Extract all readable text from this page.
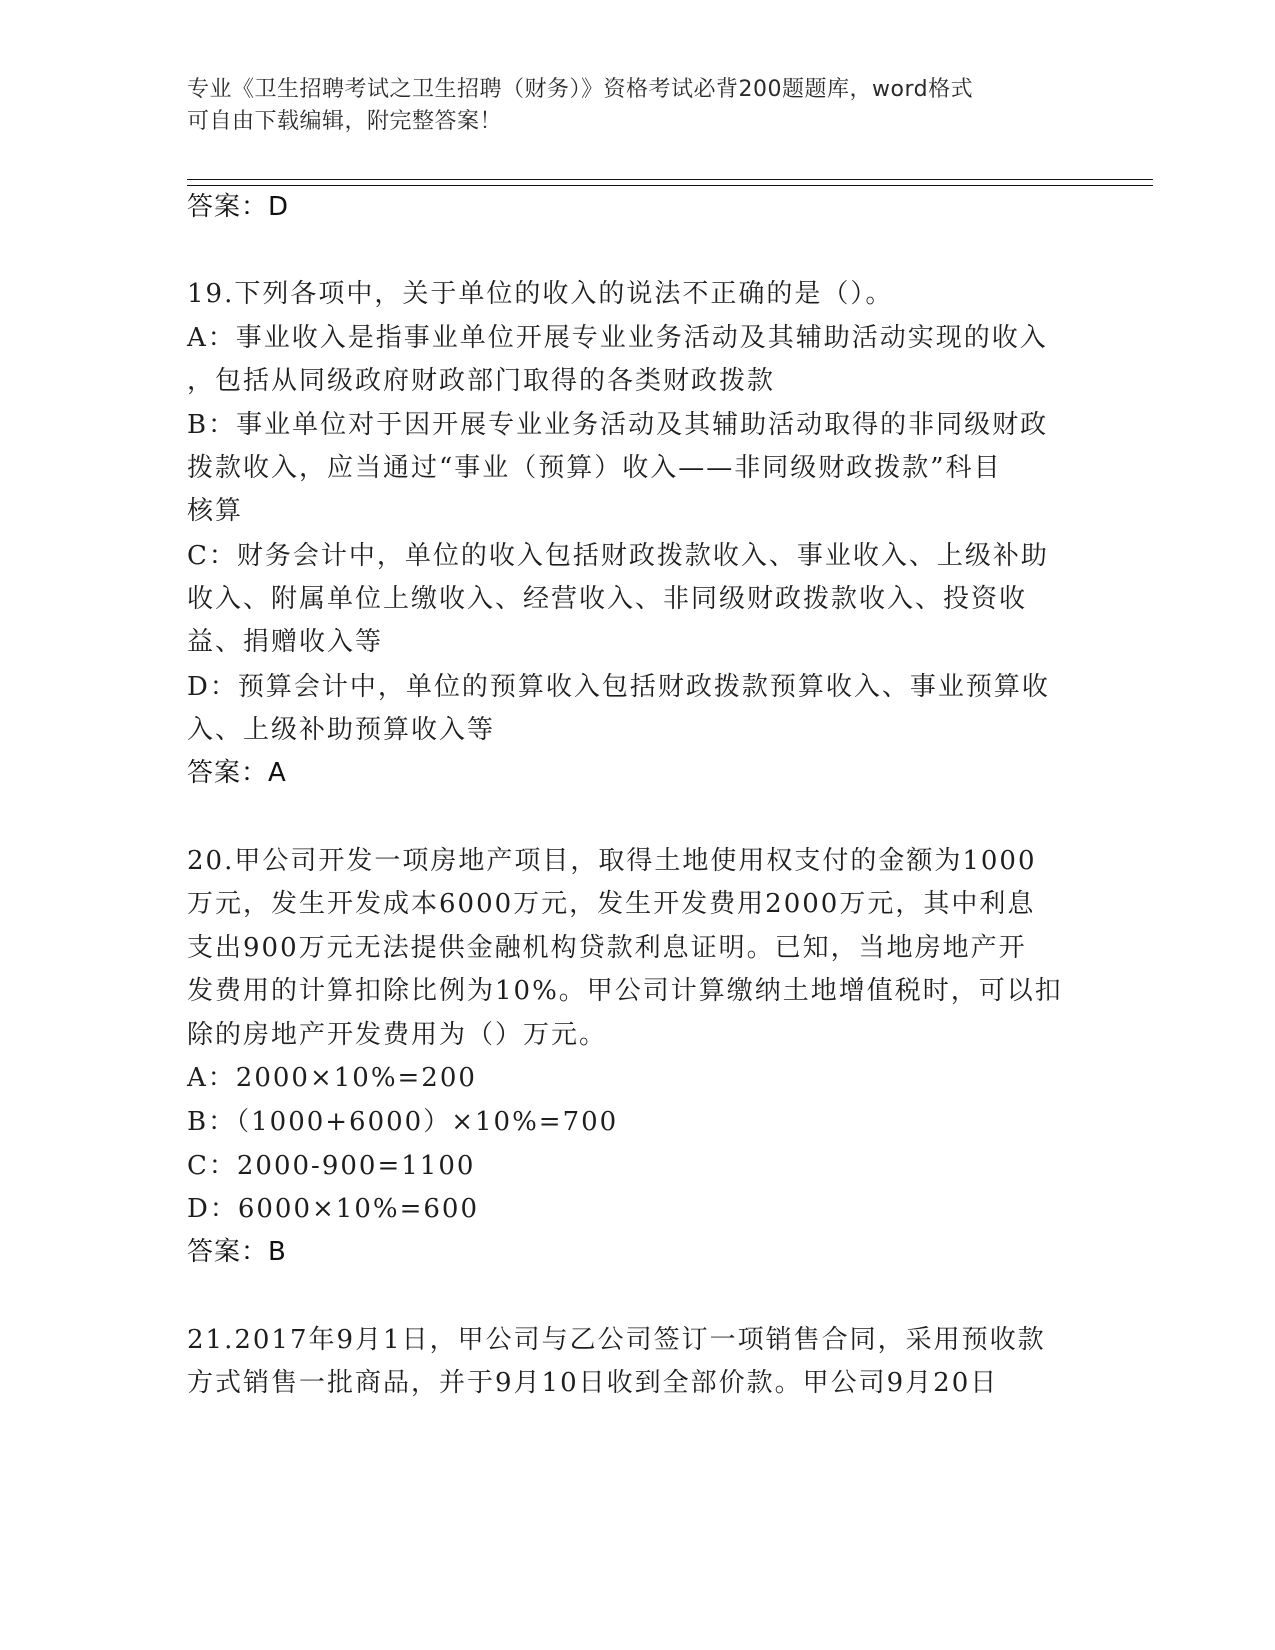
专业《卫生招聘考试之卫生招聘（财务）》资格考试必背200题题库，word格式

可自由下载编辑，附完整答案！

答案：D
19.下列各项中，关于单位的收入的说法不正确的是（）。
A：事业收入是指事业单位开展专业业务活动及其辅助活动实现的收入
，包括从同级政府财政部门取得的各类财政拨款
B：事业单位对于因开展专业业务活动及其辅助活动取得的非同级财政
拨款收入，应当通过“事业（预算）收入——非同级财政拨款”科目
核算
C：财务会计中，单位的收入包括财政拨款收入、事业收入、上级补助
收入、附属单位上缴收入、经营收入、非同级财政拨款收入、投资收
益、捐赠收入等
D：预算会计中，单位的预算收入包括财政拨款预算收入、事业预算收
入、上级补助预算收入等
答案：A
20.甲公司开发一项房地产项目，取得土地使用权支付的金额为1000
万元，发生开发成本6000万元，发生开发费用2000万元，其中利息
支出900万元无法提供金融机构贷款利息证明。已知，当地房地产开
发费用的计算扣除比例为10%。甲公司计算缴纳土地增值税时，可以扣
除的房地产开发费用为（）万元。
A：2000×10%=200
B：（1000+6000）×10%=700
C：2000-900=1100
D：6000×10%=600
答案：B
21.2017年9月1日，甲公司与乙公司签订一项销售合同，采用预收款
方式销售一批商品，并于9月10日收到全部价款。甲公司9月20日
